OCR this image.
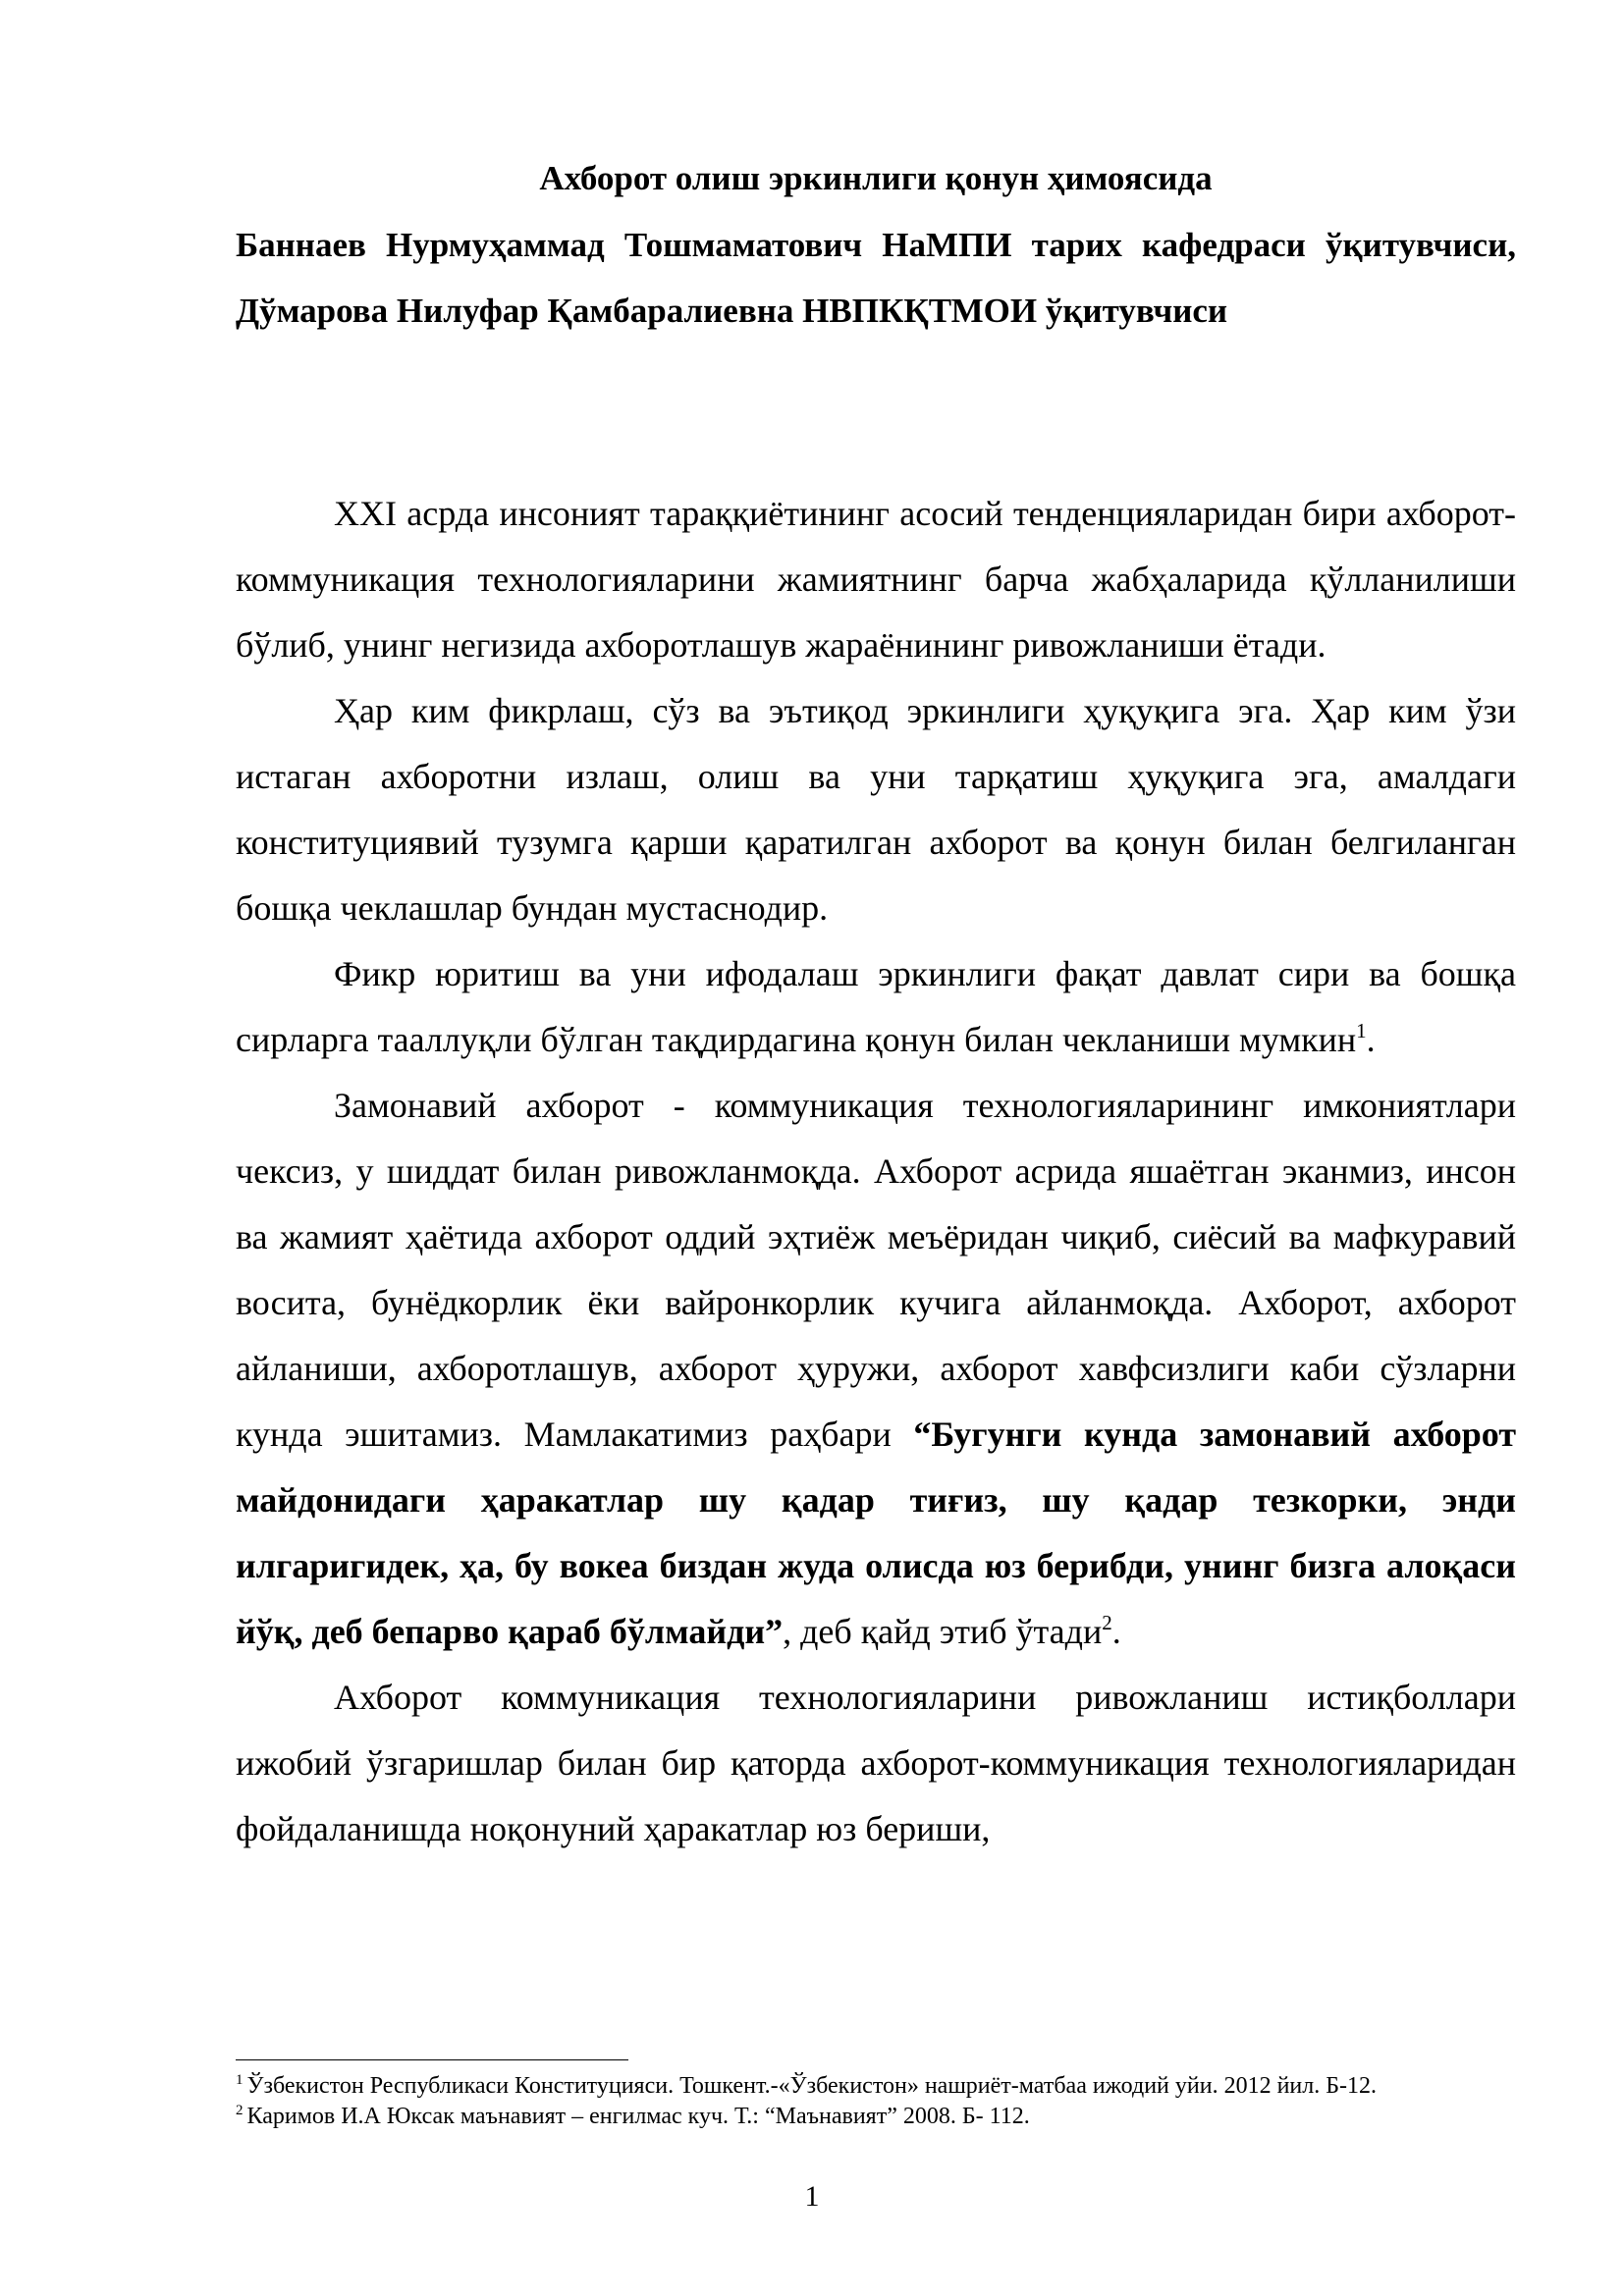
Ахборот олиш эркинлиги қонун ҳимоясида
Баннаев Нурмуҳаммад Тошмаматович НаМПИ тарих кафедраси ўқитувчиси, Дўмарова Нилуфар Қамбаралиевна НВПКҚТМОИ ўқитувчиси

XXI асрда инсоният тараққиётининг асосий тенденцияларидан бири ахборот-коммуникация технологияларини жамиятнинг барча жабҳаларида қўлланилиши бўлиб, унинг негизида ахборотлашув жараёнининг ривожланиши ётади.

Ҳар ким фикрлаш, сўз ва эътиқод эркинлиги ҳуқуқига эга. Ҳар ким ўзи истаган ахборотни излаш, олиш ва уни тарқатиш ҳуқуқига эга, амалдаги конституциявий тузумга қарши қаратилган ахборот ва қонун билан белгиланган бошқа чеклашлар бундан мустаснодир.

Фикр юритиш ва уни ифодалаш эркинлиги фақат давлат сири ва бошқа сирларга тааллуқли бўлган тақдирдагина қонун билан чекланиши мумкин$^1$.

Замонавий ахборот - коммуникация технологияларининг имкониятлари чексиз, у шиддат билан ривожланмоқда. Ахборот асрида яшаётган эканмиз, инсон ва жамият ҳаётида ахборот оддий эҳтиёж меъёридан чиқиб, сиёсий ва мафкуравий восита, бунёдкорлик ёки вайронкорлик кучига айланмоқда. Ахборот, ахборот айланиши, ахборотлашув, ахборот ҳуружи, ахборот хавфсизлиги каби сўзларни кунда эшитамиз. Мамлакатимиз раҳбари “Бугунги кунда замонавий ахборот майдонидаги ҳаракатлар шу қадар тиғиз, шу қадар тезкорки, энди илгаригидек, ҳа, бу вокеа биздан жуда олисда юз берибди, унинг бизга алоқаси йўқ, деб бепарво қараб бўлмайди”, деб қайд этиб ўтади$^2$.

Ахборот коммуникация технологияларини ривожланиш истиқболлари ижобий ўзгаришлар билан бир қаторда ахборот-коммуникация технологияларидан фойдаланишда ноқонуний ҳаракатлар юз бериши,

$^1$ Ўзбекистон Республикаси Конституцияси. Тошкент.-«Ўзбекистон» нашриёт-матбаа ижодий уйи. 2012 йил. Б-12.
$^2$ Каримов И.А Юксак маънавият – енгилмас куч. Т.: “Маънавият” 2008. Б- 112.
1
